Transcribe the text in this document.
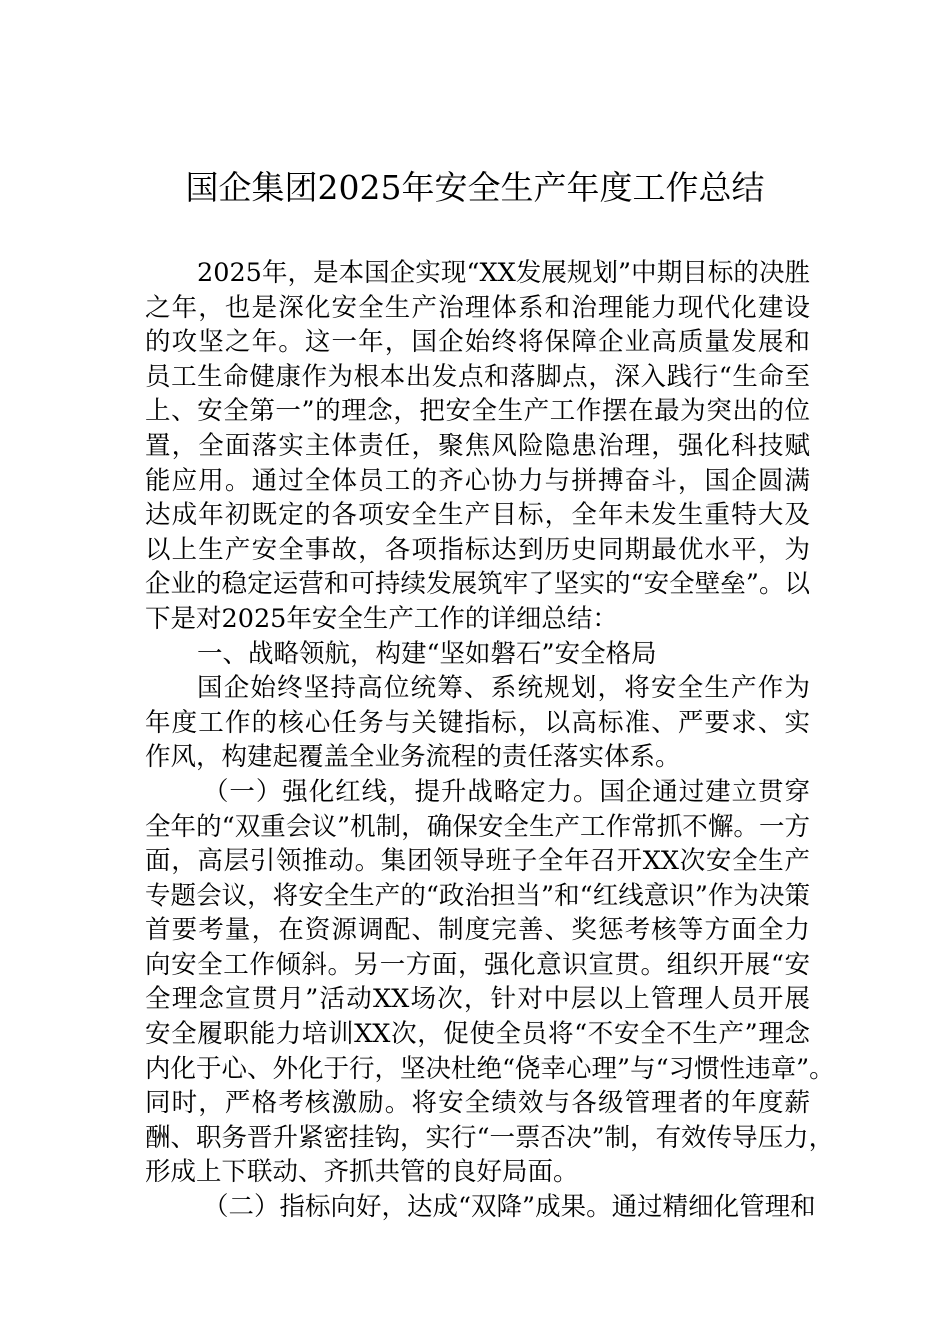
国企集团2025年安全生产年度工作总结
2025年，是本国企实现“XX发展规划”中期目标的决胜
之年，也是深化安全生产治理体系和治理能力现代化建设
的攻坚之年。这一年，国企始终将保障企业高质量发展和
员工生命健康作为根本出发点和落脚点，深入践行“生命至
上、安全第一”的理念，把安全生产工作摆在最为突出的位
置，全面落实主体责任，聚焦风险隐患治理，强化科技赋
能应用。通过全体员工的齐心协力与拼搏奋斗，国企圆满
达成年初既定的各项安全生产目标，全年未发生重特大及
以上生产安全事故，各项指标达到历史同期最优水平，为
企业的稳定运营和可持续发展筑牢了坚实的“安全壁垒”。以
下是对2025年安全生产工作的详细总结：
一、战略领航，构建“坚如磐石”安全格局
国企始终坚持高位统筹、系统规划，将安全生产作为
年度工作的核心任务与关键指标，以高标准、严要求、实
作风，构建起覆盖全业务流程的责任落实体系。
（一）强化红线，提升战略定力。国企通过建立贯穿
全年的“双重会议”机制，确保安全生产工作常抓不懈。一方
面，高层引领推动。集团领导班子全年召开XX次安全生产
专题会议，将安全生产的“政治担当”和“红线意识”作为决策
首要考量，在资源调配、制度完善、奖惩考核等方面全力
向安全工作倾斜。另一方面，强化意识宣贯。组织开展“安
全理念宣贯月”活动XX场次，针对中层以上管理人员开展
安全履职能力培训XX次，促使全员将“不安全不生产”理念
内化于心、外化于行，坚决杜绝“侥幸心理”与“习惯性违章”。
同时，严格考核激励。将安全绩效与各级管理者的年度薪
酬、职务晋升紧密挂钩，实行“一票否决”制，有效传导压力，
形成上下联动、齐抓共管的良好局面。
（二）指标向好，达成“双降”成果。通过精细化管理和
